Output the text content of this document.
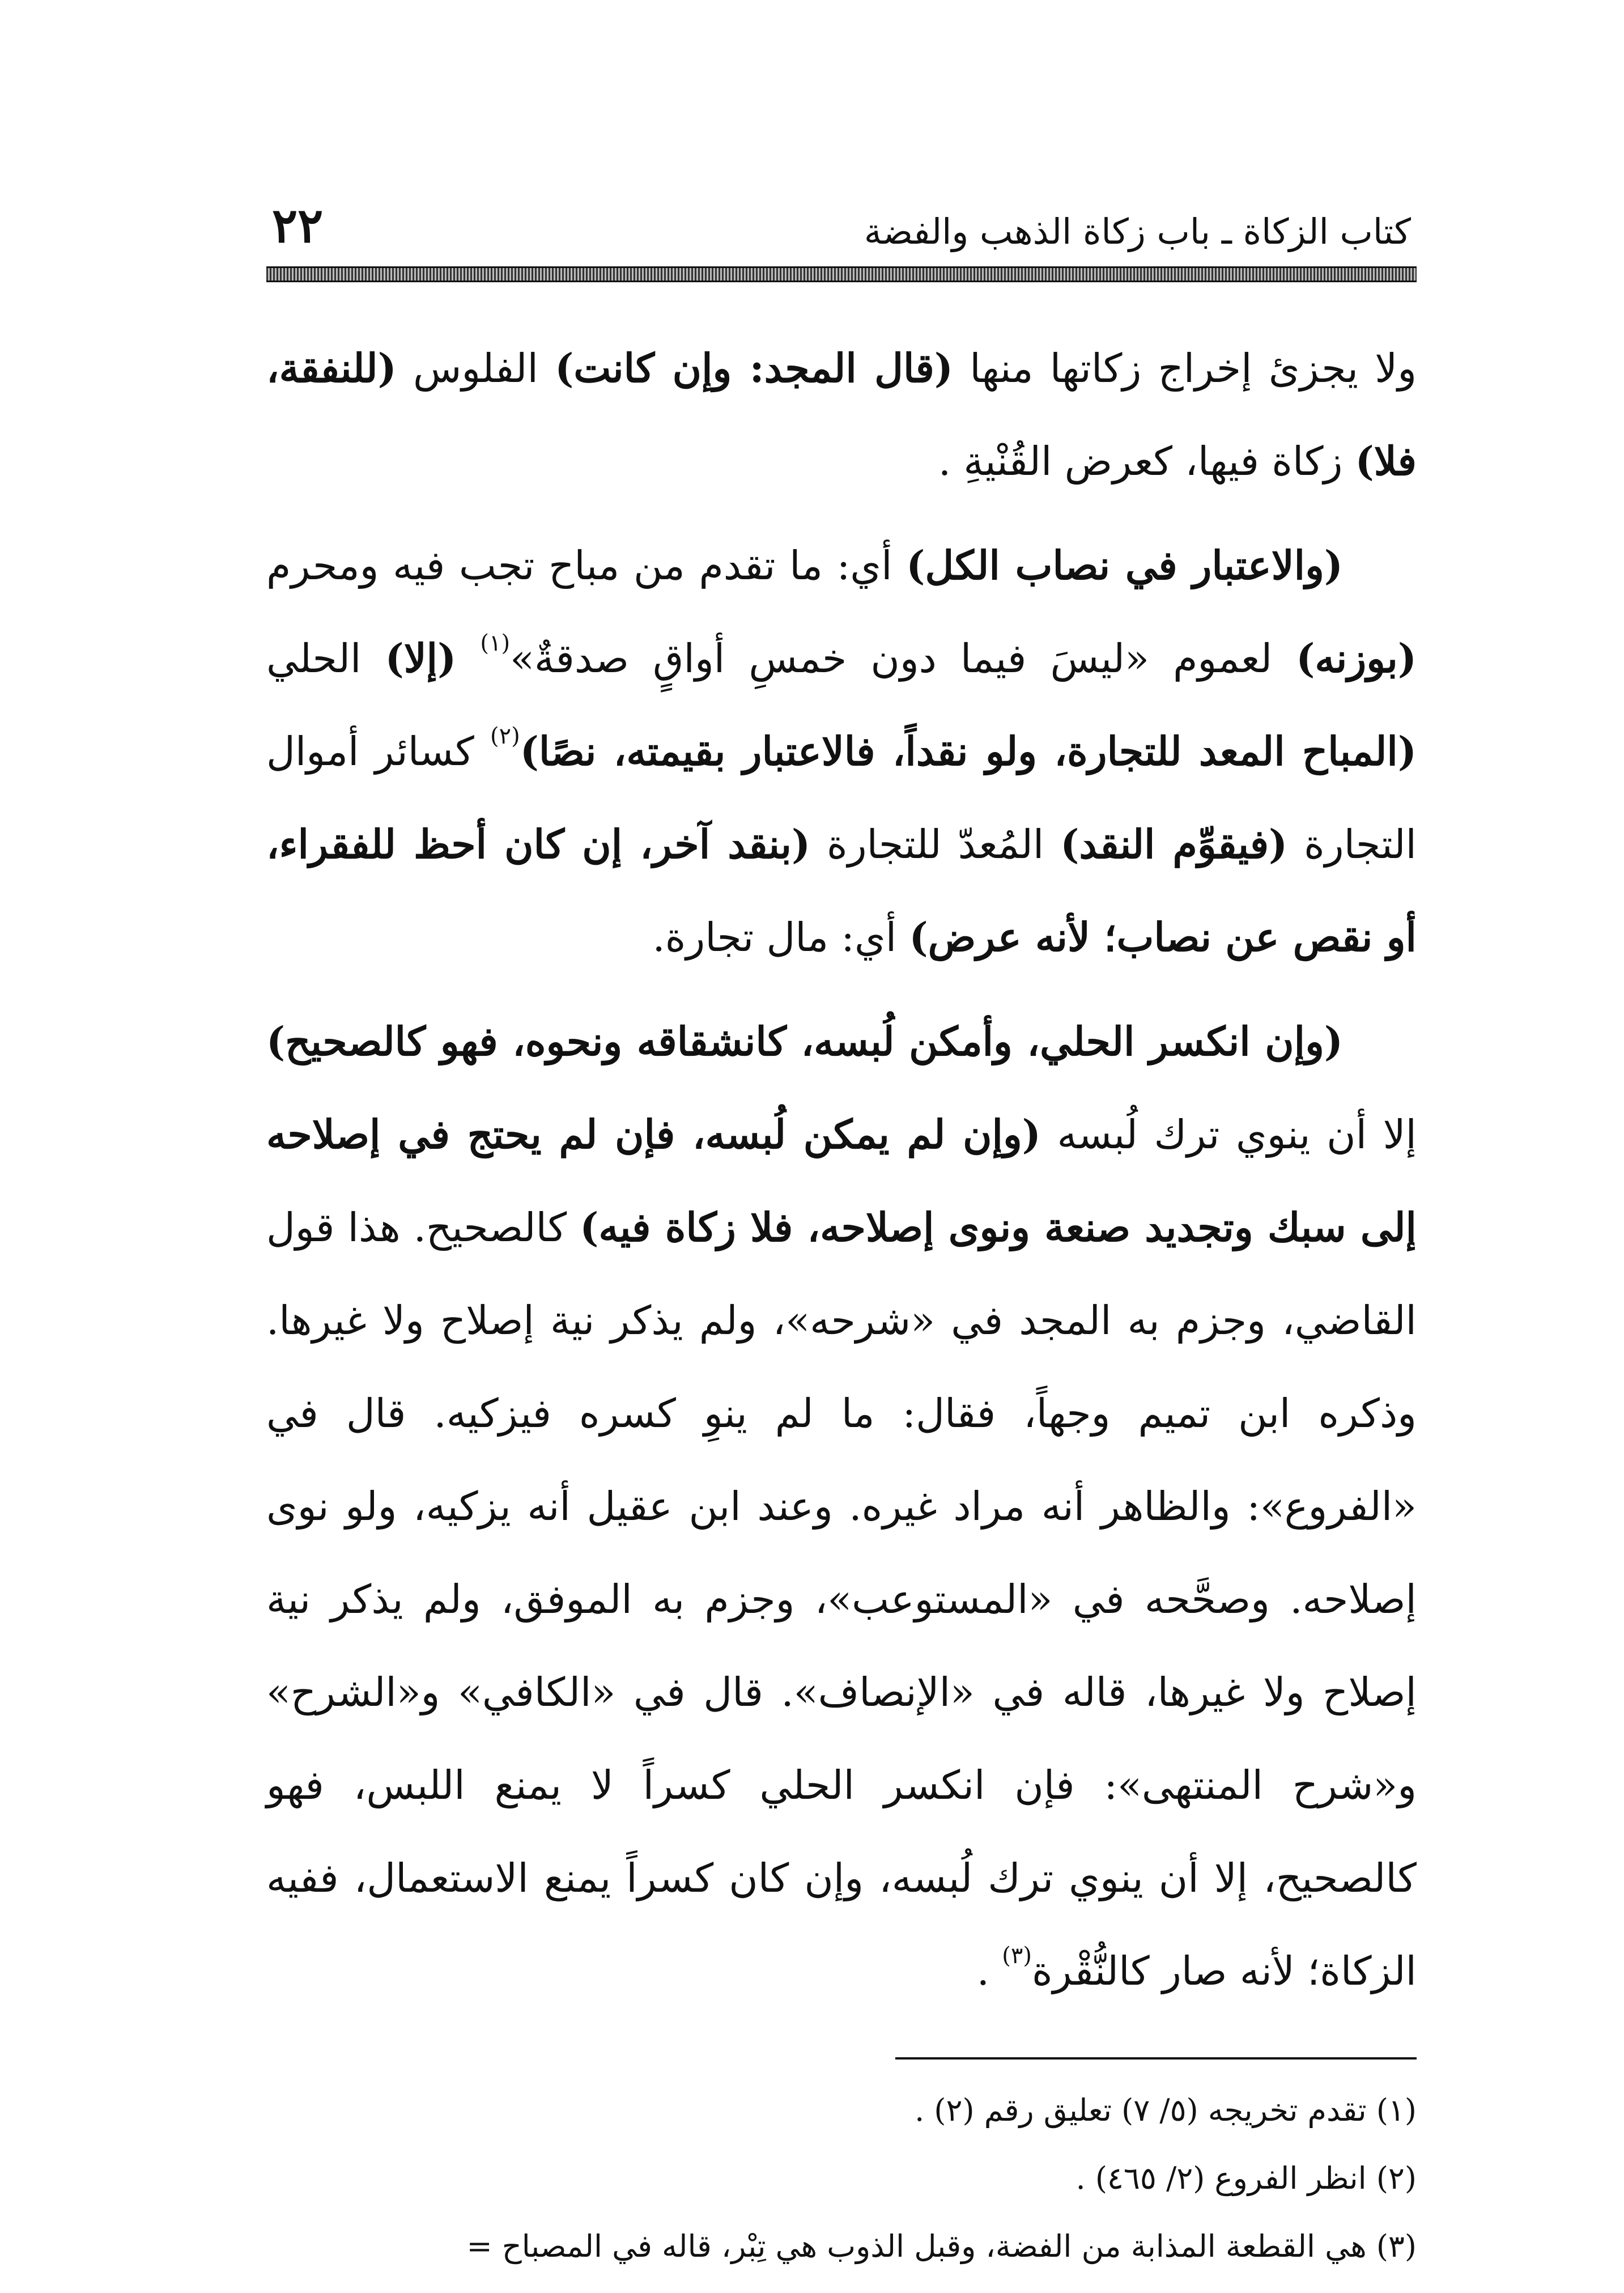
كتاب الزكاة ـ باب زكاة الذهب والفضة
٢٢

ولا يجزئ إخراج زكاتها منها (قال المجد: وإن كانت) الفلوس (للنفقة، فلا) زكاة فيها، كعرض القُنْيةِ .

(والاعتبار في نصاب الكل) أي: ما تقدم من مباح تجب فيه ومحرم (بوزنه) لعموم «ليسَ فيما دون خمسِ أواقٍ صدقةٌ»$^{(١)}$ (إلا) الحلي (المباح المعد للتجارة، ولو نقداً، فالاعتبار بقيمته، نصًا)$^{(٢)}$ كسائر أموال التجارة (فيقوِّم النقد) المُعدّ للتجارة (بنقد آخر، إن كان أحظ للفقراء، أو نقص عن نصاب؛ لأنه عرض) أي: مال تجارة.

(وإن انكسر الحلي، وأمكن لُبسه، كانشقاقه ونحوه، فهو كالصحيح) إلا أن ينوي ترك لُبسه (وإن لم يمكن لُبسه، فإن لم يحتج في إصلاحه إلى سبك وتجديد صنعة ونوى إصلاحه، فلا زكاة فيه) كالصحيح. هذا قول القاضي، وجزم به المجد في «شرحه»، ولم يذكر نية إصلاح ولا غيرها. وذكره ابن تميم وجهاً، فقال: ما لم ينوِ كسره فيزكيه. قال في «الفروع»: والظاهر أنه مراد غيره. وعند ابن عقيل أنه يزكيه، ولو نوى إصلاحه. وصحَّحه في «المستوعب»، وجزم به الموفق، ولم يذكر نية إصلاح ولا غيرها، قاله في «الإنصاف». قال في «الكافي» و«الشرح» و«شرح المنتهى»: فإن انكسر الحلي كسراً لا يمنع اللبس، فهو كالصحيح، إلا أن ينوي ترك لُبسه، وإن كان كسراً يمنع الاستعمال، ففيه الزكاة؛ لأنه صار كالنُّقْرة$^{(٣)}$ .

(١) تقدم تخريجه (٥/ ٧) تعليق رقم (٢) .

(٢) انظر الفروع (٢/ ٤٦٥) .

(٣) هي القطعة المذابة من الفضة، وقبل الذوب هي تِبْر، قاله في المصباح =
